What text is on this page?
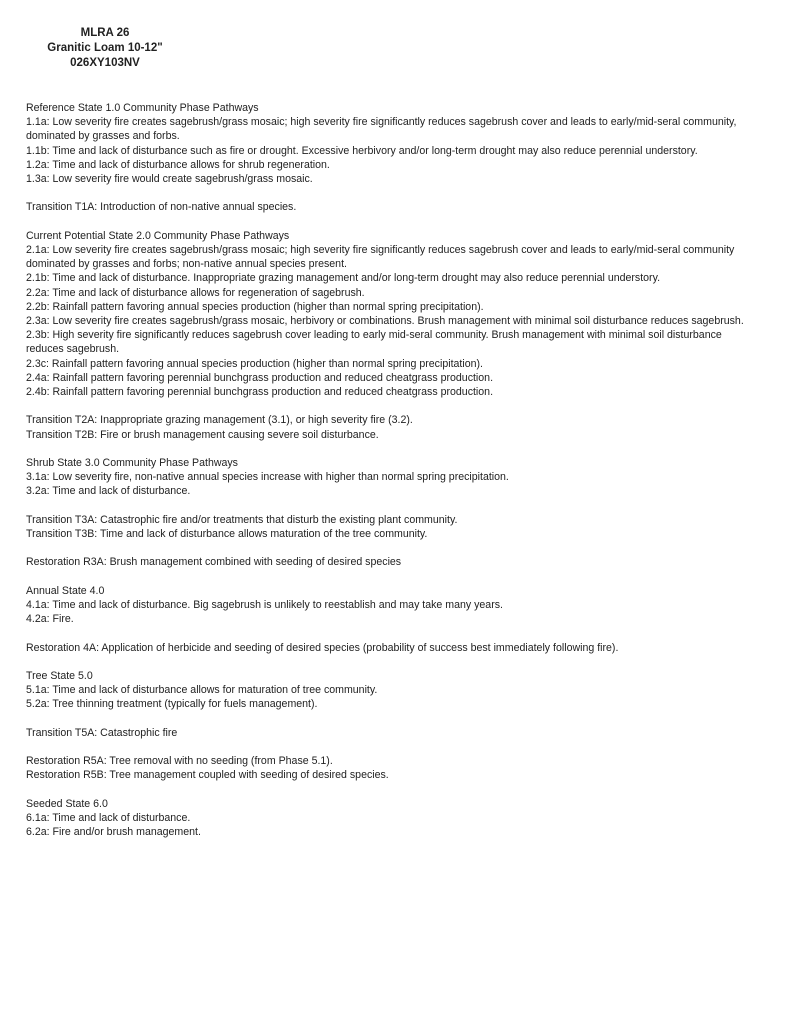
MLRA 26
Granitic Loam 10-12"
026XY103NV
Reference State 1.0 Community Phase Pathways
1.1a: Low severity fire creates sagebrush/grass mosaic; high severity fire significantly reduces sagebrush cover and leads to early/mid-seral community, dominated by grasses and forbs.
1.1b: Time and lack of disturbance such as fire or drought. Excessive herbivory and/or long-term drought may also reduce perennial understory.
1.2a: Time and lack of disturbance allows for shrub regeneration.
1.3a: Low severity fire would create sagebrush/grass mosaic.
Transition T1A: Introduction of non-native annual species.
Current Potential State 2.0 Community Phase Pathways
2.1a: Low severity fire creates sagebrush/grass mosaic; high severity fire significantly reduces sagebrush cover and leads to early/mid-seral community dominated by grasses and forbs; non-native annual species present.
2.1b: Time and lack of disturbance. Inappropriate grazing management and/or long-term drought may also reduce perennial understory.
2.2a: Time and lack of disturbance allows for regeneration of sagebrush.
2.2b: Rainfall pattern favoring annual species production (higher than normal spring precipitation).
2.3a: Low severity fire creates sagebrush/grass mosaic, herbivory or combinations. Brush management with minimal soil disturbance reduces sagebrush.
2.3b: High severity fire significantly reduces sagebrush cover leading to early mid-seral community. Brush management with minimal soil disturbance reduces sagebrush.
2.3c: Rainfall pattern favoring annual species production (higher than normal spring precipitation).
2.4a: Rainfall pattern favoring perennial bunchgrass production and reduced cheatgrass production.
2.4b: Rainfall pattern favoring perennial bunchgrass production and reduced cheatgrass production.
Transition T2A: Inappropriate grazing management (3.1), or high severity fire (3.2).
Transition T2B: Fire or brush management causing severe soil disturbance.
Shrub State 3.0 Community Phase Pathways
3.1a: Low severity fire, non-native annual species increase with higher than normal spring precipitation.
3.2a: Time and lack of disturbance.
Transition T3A: Catastrophic fire and/or treatments that disturb the existing plant community.
Transition T3B: Time and lack of disturbance allows maturation of the tree community.
Restoration R3A: Brush management combined with seeding of desired species
Annual State 4.0
4.1a: Time and lack of disturbance. Big sagebrush is unlikely to reestablish and may take many years.
4.2a: Fire.
Restoration 4A: Application of herbicide and seeding of desired species (probability of success best immediately following fire).
Tree State 5.0
5.1a: Time and lack of disturbance allows for maturation of tree community.
5.2a: Tree thinning treatment (typically for fuels management).
Transition T5A: Catastrophic fire
Restoration R5A: Tree removal with no seeding (from Phase 5.1).
Restoration R5B: Tree management coupled with seeding of desired species.
Seeded State 6.0
6.1a: Time and lack of disturbance.
6.2a: Fire and/or brush management.
